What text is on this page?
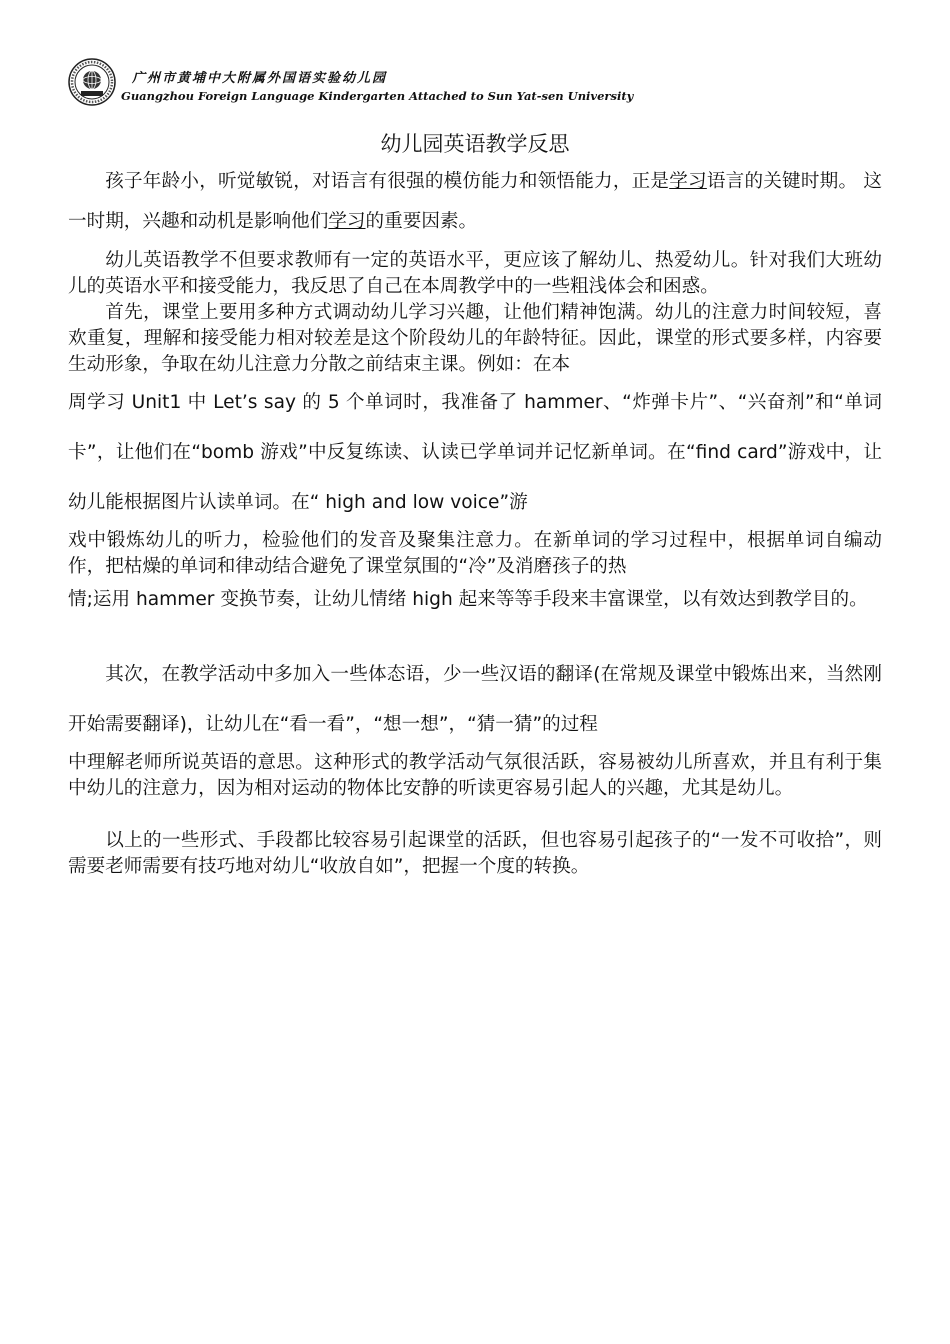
广州市黄埔中大附属外国语实验幼儿园
Guangzhou Foreign Language Kindergarten Attached to Sun Yat-sen University
幼儿园英语教学反思

孩子年龄小，听觉敏锐，对语言有很强的模仿能力和领悟能力，正是学习语言的关键时期。 这一时期，兴趣和动机是影响他们学习的重要因素。

幼儿英语教学不但要求教师有一定的英语水平，更应该了解幼儿、热爱幼儿。针对我们大班幼儿的英语水平和接受能力，我反思了自己在本周教学中的一些粗浅体会和困惑。

首先，课堂上要用多种方式调动幼儿学习兴趣，让他们精神饱满。幼儿的注意力时间较短，喜欢重复，理解和接受能力相对较差是这个阶段幼儿的年龄特征。因此，课堂的形式要多样，内容要生动形象，争取在幼儿注意力分散之前结束主课。例如：在本

周学习 Unit1 中 Let’s say 的 5 个单词时，我准备了 hammer、“炸弹卡片”、“兴奋剂”和“单词卡”，让他们在“bomb 游戏”中反复练读、认读已学单词并记忆新单词。在“find card”游戏中，让幼儿能根据图片认读单词。在“ high and low voice”游

戏中锻炼幼儿的听力，检验他们的发音及聚集注意力。在新单词的学习过程中，根据单词自编动作，把枯燥的单词和律动结合避免了课堂氛围的“冷”及消磨孩子的热

情;运用 hammer 变换节奏，让幼儿情绪 high 起来等等手段来丰富课堂，以有效达到教学目的。

其次，在教学活动中多加入一些体态语，少一些汉语的翻译(在常规及课堂中锻炼出来，当然刚开始需要翻译)，让幼儿在“看一看”，“想一想”，“猜一猜”的过程

中理解老师所说英语的意思。这种形式的教学活动气氛很活跃，容易被幼儿所喜欢，并且有利于集中幼儿的注意力，因为相对运动的物体比安静的听读更容易引起人的兴趣，尤其是幼儿。

以上的一些形式、手段都比较容易引起课堂的活跃，但也容易引起孩子的“一发不可收拾”，则需要老师需要有技巧地对幼儿“收放自如”，把握一个度的转换。
